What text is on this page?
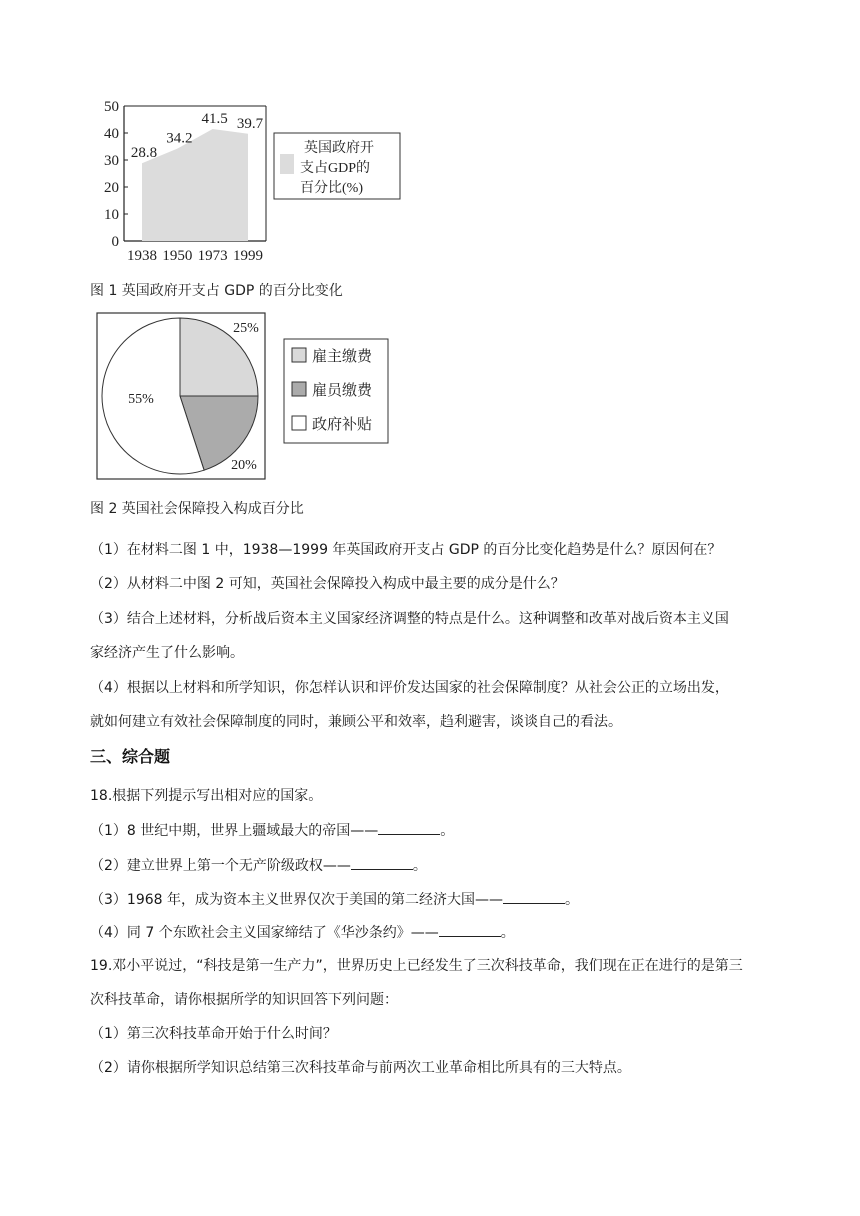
0
10
20
30
40
50
1938 1950 1973 1999
28.8
34.2
41.5 39.7
英国政府开
支占GDP的
百分比(%)
图 1 英国政府开支占 GDP 的百分比变化
25%
20%
55%
雇主缴费
雇员缴费
政府补贴
图 2 英国社会保障投入构成百分比
（1）在材料二图 1 中，1938—1999 年英国政府开支占 GDP 的百分比变化趋势是什么？原因何在？
（2）从材料二中图 2 可知，英国社会保障投入构成中最主要的成分是什么？
（3）结合上述材料，分析战后资本主义国家经济调整的特点是什么。这种调整和改革对战后资本主义国
家经济产生了什么影响。
（4）根据以上材料和所学知识，你怎样认识和评价发达国家的社会保障制度？从社会公正的立场出发，
就如何建立有效社会保障制度的同时，兼顾公平和效率，趋利避害，谈谈自己的看法。
三、综合题
18.根据下列提示写出相对应的国家。
（1）8 世纪中期，世界上疆域最大的帝国——	。
（2）建立世界上第一个无产阶级政权——	。
（3）1968 年，成为资本主义世界仅次于美国的第二经济大国——	。
（4）同 7 个东欧社会主义国家缔结了《华沙条约》——	。
19.邓小平说过，“科技是第一生产力”，世界历史上已经发生了三次科技革命，我们现在正在进行的是第三
次科技革命，请你根据所学的知识回答下列问题：
（1）第三次科技革命开始于什么时间？
（2）请你根据所学知识总结第三次科技革命与前两次工业革命相比所具有的三大特点。
